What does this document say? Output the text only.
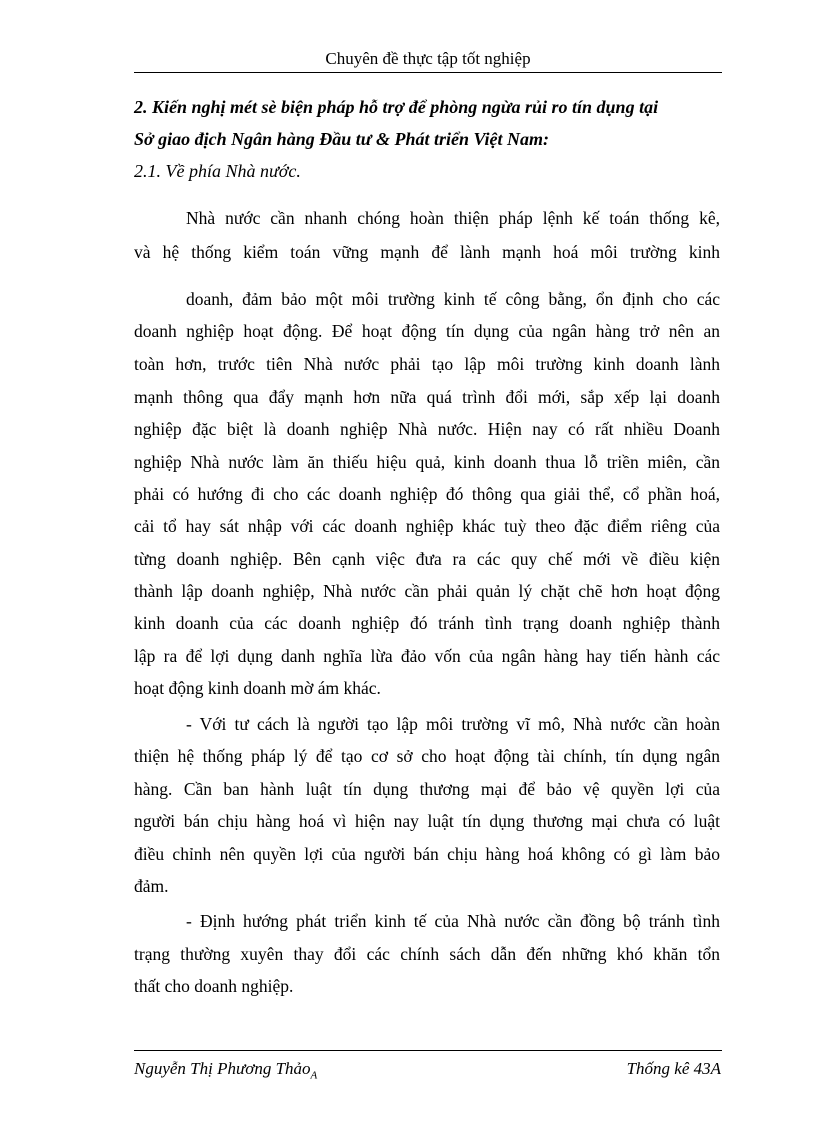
Chuyên đề thực tập tốt nghiệp
2. Kiến nghị mét sè biện pháp hỗ trợ để phòng ngừa rủi ro tín dụng tại
Sở giao địch Ngân hàng Đầu tư & Phát triển Việt Nam:
2.1. Về phía Nhà nước.
Nhà nước cần nhanh chóng hoàn thiện pháp lệnh kế toán thống kê,
và hệ thống kiểm toán vững mạnh để lành mạnh hoá môi trường kinh
doanh, đảm bảo một môi trường kinh tế công bằng, ổn định cho các
doanh nghiệp hoạt động. Để hoạt động tín dụng của ngân hàng trở nên an
toàn hơn, trước tiên Nhà nước phải tạo lập môi trường kinh doanh lành
mạnh thông qua đẩy mạnh hơn nữa quá trình đổi mới, sắp xếp lại doanh
nghiệp đặc biệt là doanh nghiệp Nhà nước. Hiện nay có rất nhiều Doanh
nghiệp Nhà nước làm ăn thiếu hiệu quả, kinh doanh thua lỗ triền miên, cần
phải có hướng đi cho các doanh nghiệp đó thông qua giải thể, cổ phần hoá,
cải tổ hay sát nhập với các doanh nghiệp khác tuỳ theo đặc điểm riêng của
từng doanh nghiệp. Bên cạnh việc đưa ra các quy chế mới về điều kiện
thành lập doanh nghiệp, Nhà nước cần phải quản lý chặt chẽ hơn hoạt động
kinh doanh của các doanh nghiệp đó tránh tình trạng doanh nghiệp thành
lập ra để lợi dụng danh nghĩa lừa đảo vốn của ngân hàng hay tiến hành các
hoạt động kinh doanh mờ ám khác.
- Với tư cách là người tạo lập môi trường vĩ mô, Nhà nước cần hoàn
thiện hệ thống pháp lý để tạo cơ sở cho hoạt động tài chính, tín dụng ngân
hàng. Cần ban hành luật tín dụng thương mại để bảo vệ quyền lợi của
người bán chịu hàng hoá vì hiện nay luật tín dụng thương mại chưa có luật
điều chỉnh nên quyền lợi của người bán chịu hàng hoá không có gì làm bảo
đảm.
- Định hướng phát triển kinh tế của Nhà nước cần đồng bộ tránh tình
trạng thường xuyên thay đổi các chính sách dẫn đến những khó khăn tổn
thất cho doanh nghiệp.
Nguyễn Thị Phương Thảo$_A$	Thống kê 43A
